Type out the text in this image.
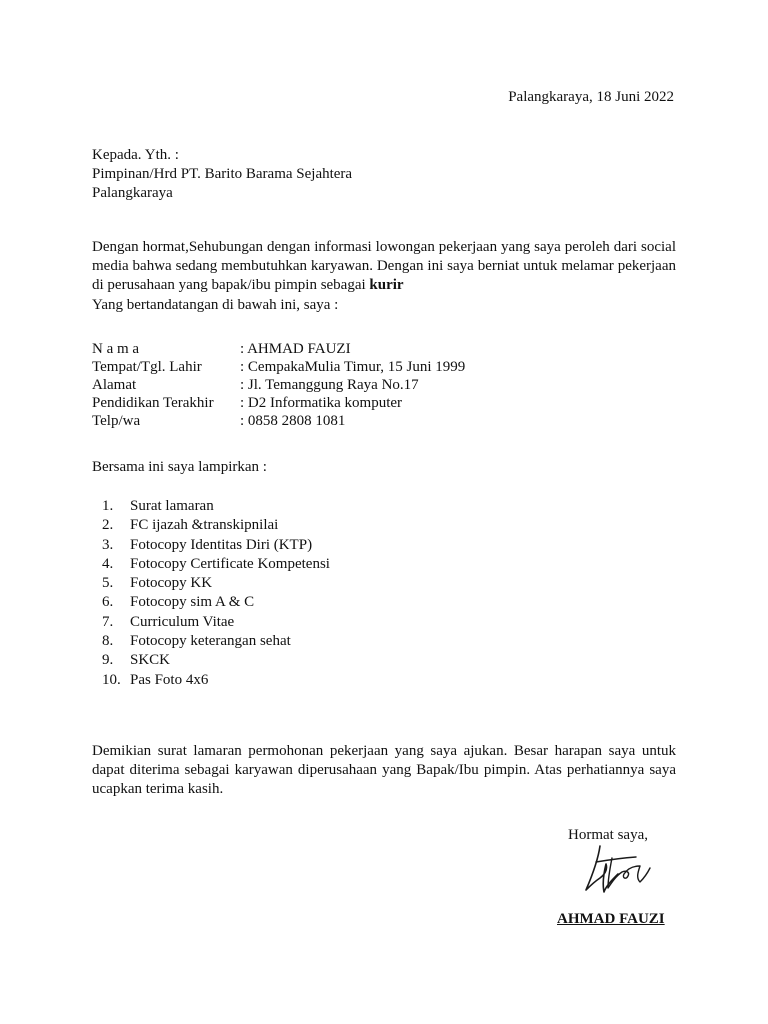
Palangkaraya, 18 Juni 2022
Kepada. Yth. :
Pimpinan/Hrd PT. Barito Barama Sejahtera
Palangkaraya

Dengan hormat,Sehubungan dengan informasi lowongan pekerjaan yang saya peroleh dari social media bahwa sedang membutuhkan karyawan. Dengan ini saya berniat untuk melamar pekerjaan di perusahaan yang bapak/ibu pimpin sebagai kurir

Yang bertandatangan di bawah ini, saya :
N a m a	: AHMAD FAUZI
Tempat/Tgl. Lahir	: CempakaMulia Timur, 15 Juni 1999
Alamat	: Jl. Temanggung Raya No.17
Pendidikan Terakhir	: D2 Informatika komputer
Telp/wa	: 0858 2808 1081
Bersama ini saya lampirkan :
1.	Surat lamaran
2.	FC ijazah &transkipnilai
3.	Fotocopy Identitas Diri (KTP)
4.	Fotocopy Certificate Kompetensi
5.	Fotocopy KK
6.	Fotocopy sim A & C
7.	Curriculum Vitae
8.	Fotocopy keterangan sehat
9.	SKCK
10. Pas Foto 4x6

Demikian surat lamaran permohonan pekerjaan yang saya ajukan. Besar harapan saya untuk dapat diterima sebagai karyawan diperusahaan yang Bapak/Ibu pimpin. Atas perhatiannya saya ucapkan terima kasih.

Hormat saya,
AHMAD FAUZI
